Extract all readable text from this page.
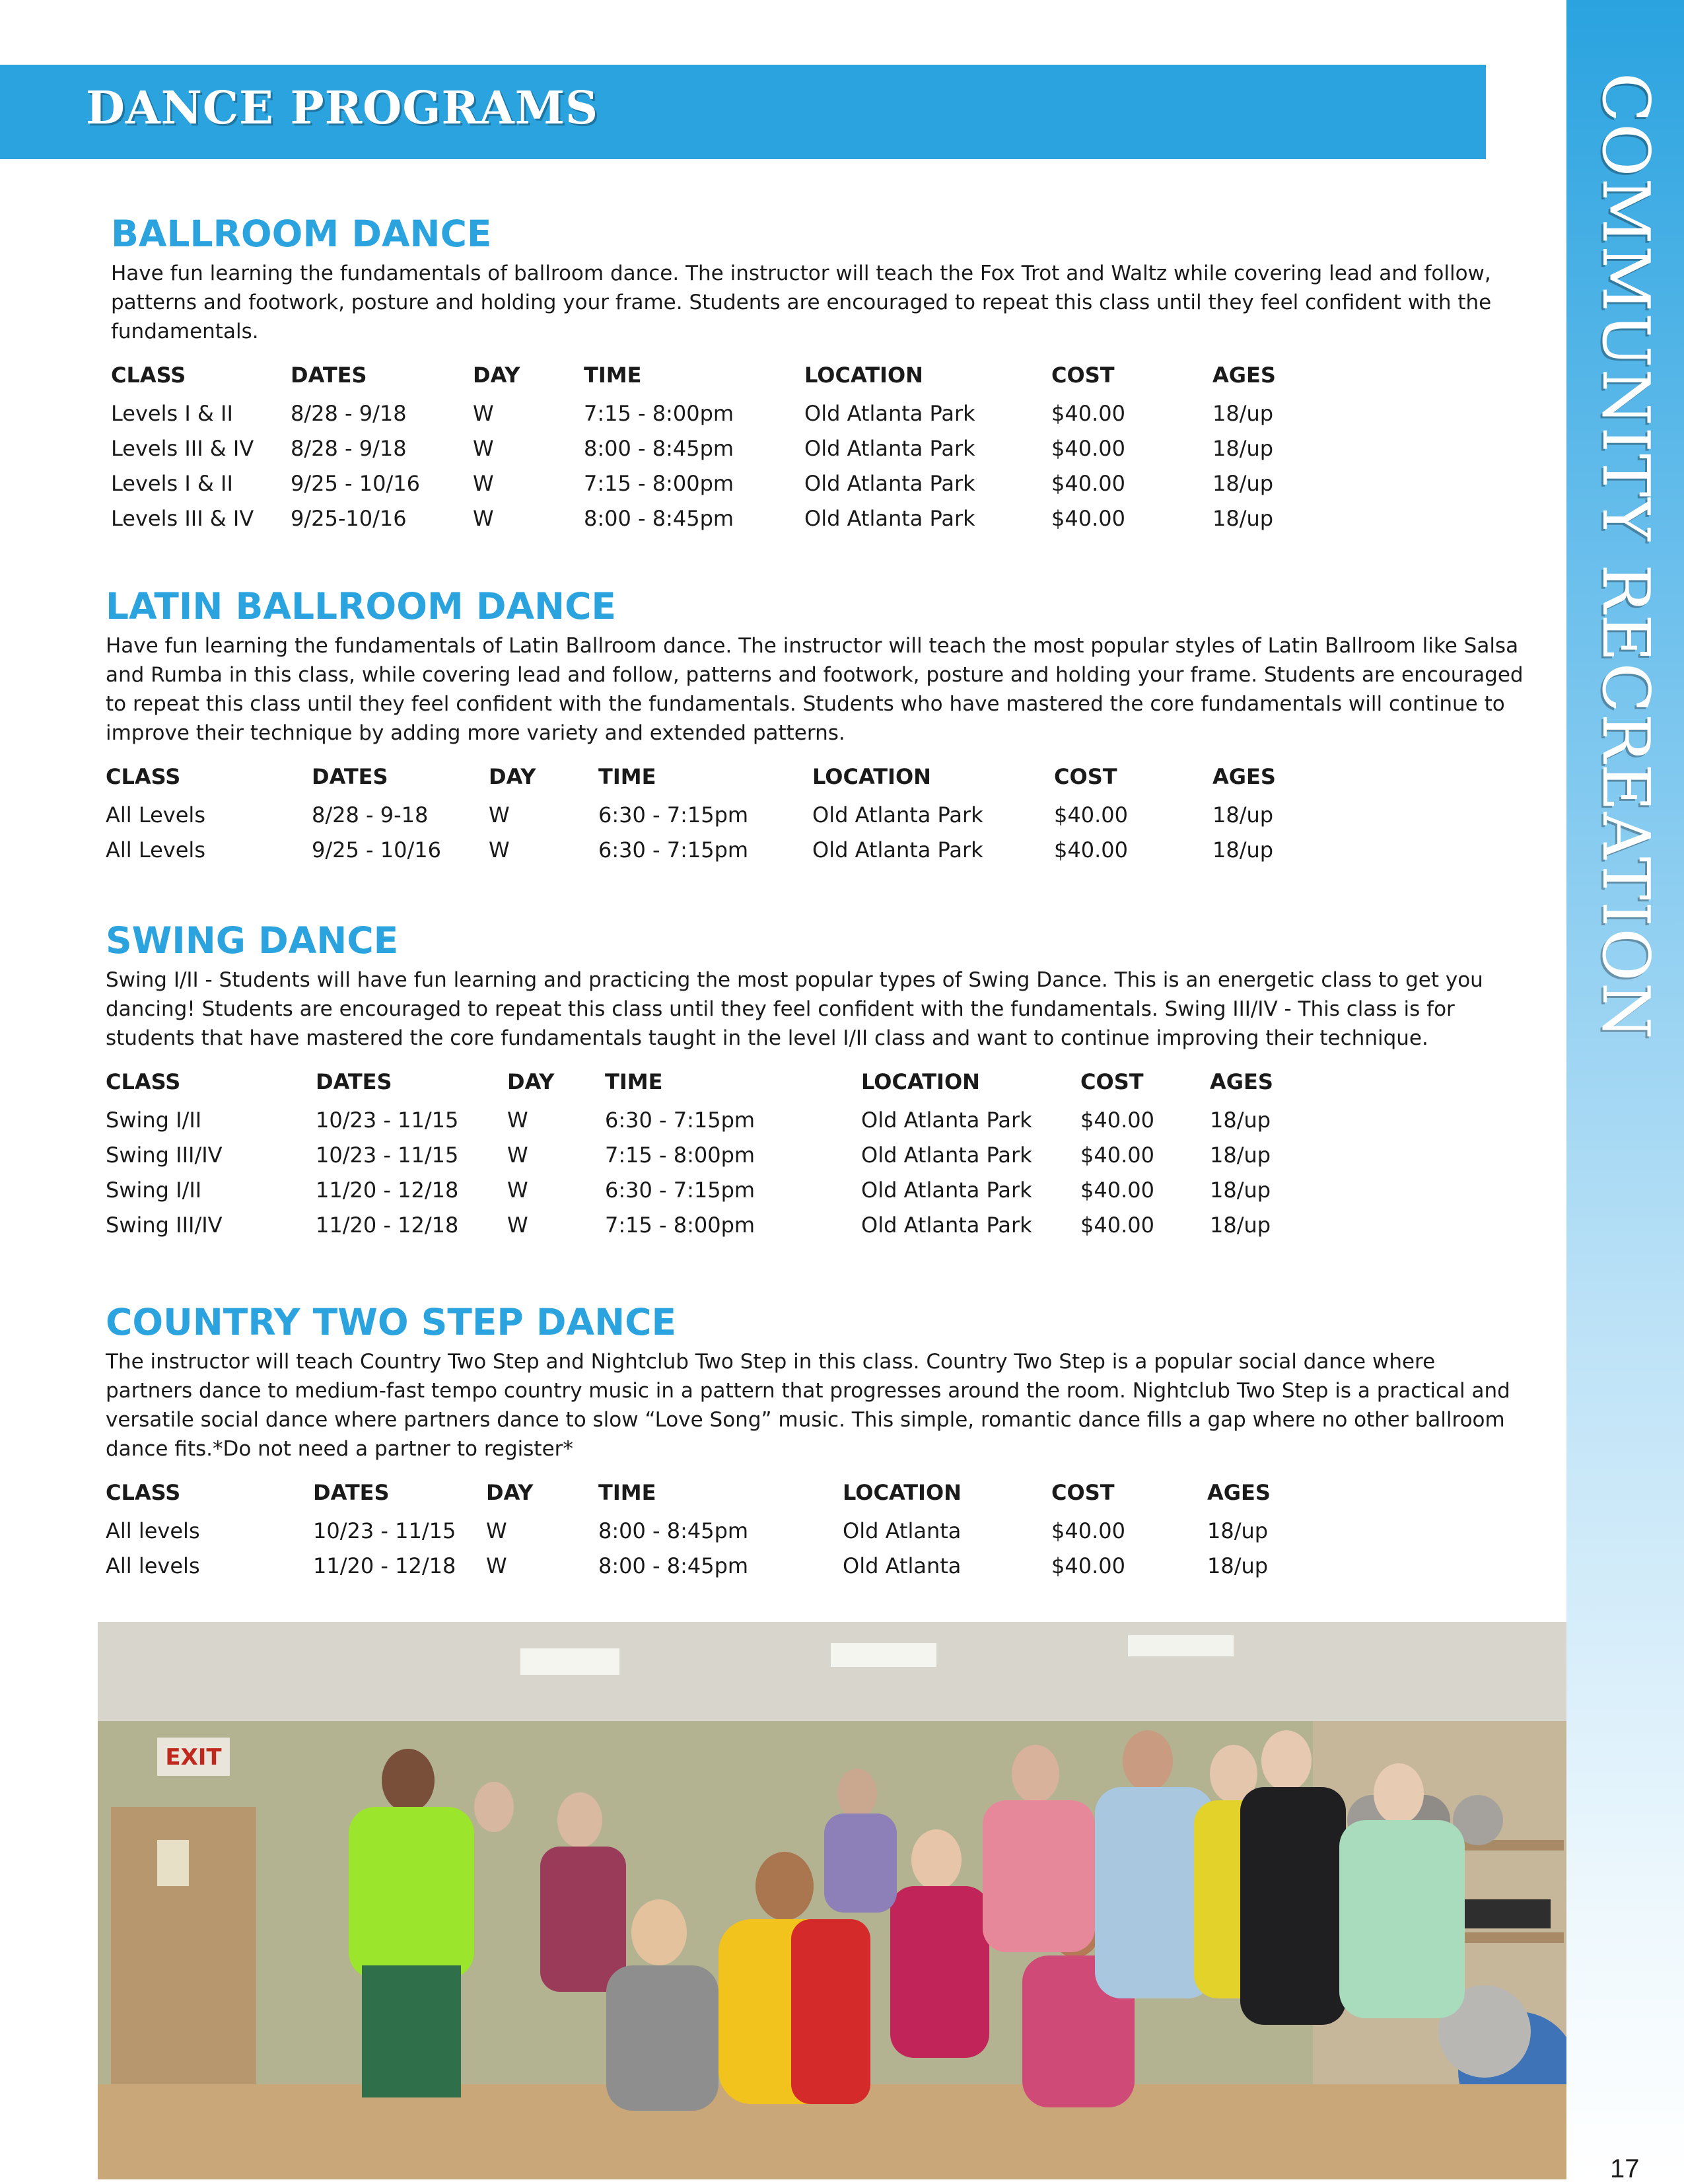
DANCE PROGRAMS	COMMUNITY RECREATION
BALLROOM DANCE

Have fun learning the fundamentals of ballroom dance. The instructor will teach the Fox Trot and Waltz while covering lead and follow, patterns and footwork, posture and holding your frame. Students are encouraged to repeat this class until they feel confident with the fundamentals.

CLASS	DATES	DAY	TIME	LOCATION	COST	AGES
Levels I & II	8/28 - 9/18	W	7:15 - 8:00pm	Old Atlanta Park	$40.00	18/up
Levels III & IV 8/28 - 9/18	W	8:00 - 8:45pm	Old Atlanta Park	$40.00	18/up
Levels I & II	9/25 - 10/16	W	7:15 - 8:00pm	Old Atlanta Park	$40.00	18/up
Levels III & IV 9/25-10/16	W	8:00 - 8:45pm	Old Atlanta Park	$40.00	18/up
LATIN BALLROOM DANCE

Have fun learning the fundamentals of Latin Ballroom dance. The instructor will teach the most popular styles of Latin Ballroom like Salsa and Rumba in this class, while covering lead and follow, patterns and footwork, posture and holding your frame. Students are encouraged to repeat this class until they feel confident with the fundamentals. Students who have mastered the core fundamentals will continue to improve their technique by adding more variety and extended patterns.

CLASS	DATES	DAY	TIME	LOCATION	COST	AGES
All Levels	8/28 - 9-18	W	6:30 - 7:15pm	Old Atlanta Park	$40.00	18/up
All Levels	9/25 - 10/16 W	6:30 - 7:15pm	Old Atlanta Park	$40.00	18/up
SWING DANCE

Swing I/II - Students will have fun learning and practicing the most popular types of Swing Dance. This is an energetic class to get you dancing! Students are encouraged to repeat this class until they feel confident with the fundamentals. Swing III/IV - This class is for students that have mastered the core fundamentals taught in the level I/II class and want to continue improving their technique.

CLASS	DATES	DAY TIME	LOCATION	COST	AGES
Swing I/II	10/23 - 11/15 W	6:30 - 7:15pm	Old Atlanta Park $40.00	18/up
Swing III/IV	10/23 - 11/15 W	7:15 - 8:00pm	Old Atlanta Park $40.00	18/up
Swing I/II	11/20 - 12/18 W	6:30 - 7:15pm	Old Atlanta Park $40.00	18/up
Swing III/IV	11/20 - 12/18 W	7:15 - 8:00pm	Old Atlanta Park $40.00	18/up
COUNTRY TWO STEP DANCE

The instructor will teach Country Two Step and Nightclub Two Step in this class. Country Two Step is a popular social dance where partners dance to medium-fast tempo country music in a pattern that progresses around the room. Nightclub Two Step is a practical and versatile social dance where partners dance to slow “Love Song” music. This simple, romantic dance fills a gap where no other ballroom dance fits.*Do not need a partner to register*

CLASS	DATES	DAY	TIME	LOCATION	COST	AGES
All levels	10/23 - 11/15 W	8:00 - 8:45pm	Old Atlanta	$40.00	18/up
All levels	11/20 - 12/18 W	8:00 - 8:45pm	Old Atlanta	$40.00	18/up
EXIT
17
